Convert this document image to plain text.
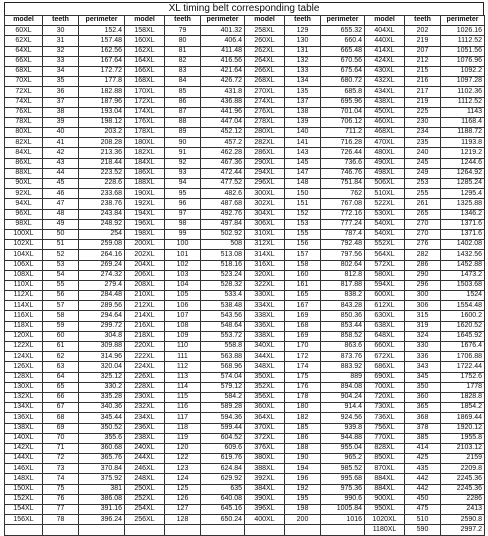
XL timing belt corresponding table
model	teeth	perimeter	model	teeth	perimeter	model	teeth	perimeter	model	teeth	perimeter
60XL	30	152.4	158XL	79	401.32	258XL	129	655.32	404XL	202	1026.16
62XL	31	157.48	160XL	80	406.4	260XL	130	660.4	440XL	219	1112.52
64XL	32	162.56	162XL	81	411.48	262XL	131	665.48	414XL	207	1051.56
66XL	33	167.64	164XL	82	416.56	264XL	132	670.56	424XL	212	1076.96
68XL	34	172.72	166XL	83	421.64	266XL	133	675.64	430XL	215	1092.2
70XL	35	177.8	168XL	84	426.72	268XL	134	680.72	432XL	216	1097.28
72XL	36	182.88	170XL	85	431.8	270XL	135	685.8	434XL	217	1102.36
74XL	37	187.96	172XL	86	436.88	274XL	137	695.96	438XL	219	1112.52
76XL	38	193.04	174XL	87	441.96	276XL	138	701.04	450XL	225	1143
78XL	39	198.12	176XL	88	447.04	278XL	139	706.12	460XL	230	1168.4
80XL	40	203.2	178XL	89	452.12	280XL	140	711.2	468XL	234	1188.72
82XL	41	208.28	180XL	90	457.2	282XL	141	716.28	470XL	235	1193.8
84XL	42	213.36	182XL	91	462.28	286XL	143	726.44	480XL	240	1219.2
86XL	43	218.44	184XL	92	467.36	290XL	145	736.6	490XL	245	1244.6
88XL	44	223.52	186XL	93	472.44	294XL	147	746.76	498XL	249	1264.92
90XL	45	228.6	188XL	94	477.52	296XL	148	751.84	506XL	253	1285.24
92XL	46	233.68	190XL	95	482.6	300XL	150	762	510XL	255	1295.4
94XL	47	238.76	192XL	96	487.68	302XL	151	767.08	522XL	261	1325.88
96XL	48	243.84	194XL	97	492.76	304XL	152	772.16	530XL	265	1346.2
98XL	49	248.92	196XL	98	497.84	306XL	153	777.24	540XL	270	1371.6
100XL	50	254	198XL	99	502.92	310XL	155	787.4	540XL	270	1371.6
102XL	51	259.08	200XL	100	508	312XL	156	792.48	552XL	276	1402.08
104XL	52	264.16	202XL	101	513.08	314XL	157	797.56	564XL	282	1432.56
106XL	53	269.24	204XL	102	518.16	316XL	158	802.64	572XL	286	1452.88
108XL	54	274.32	206XL	103	523.24	320XL	160	812.8	580XL	290	1473.2
110XL	55	279.4	208XL	104	528.32	322XL	161	817.88	594XL	296	1503.68
112XL	56	284.48	210XL	105	533.4	330XL	165	838.2	600XL	300	1524
114XL	57	289.56	212XL	106	538.48	334XL	167	843.28	612XL	306	1554.48
116XL	58	294.64	214XL	107	543.56	338XL	169	850.36	630XL	315	1600.2
118XL	59	299.72	216XL	108	548.64	336XL	168	853.44	638XL	319	1620.52
120XL	60	304.8	218XL	109	553.72	338XL	169	858.52	648XL	324	1645.92
122XL	61	309.88	220XL	110	558.8	340XL	170	863.6	660XL	330	1676.4
124XL	62	314.96	222XL	111	563.88	344XL	172	873.76	672XL	336	1706.88
126XL	63	320.04	224XL	112	568.96	348XL	174	883.92	686XL	343	1722.44
128XL	64	325.12	226XL	113	574.04	350XL	175	889	690XL	345	1752.6
130XL	65	330.2	228XL	114	579.12	352XL	176	894.08	700XL	350	1778
132XL	66	335.28	230XL	115	584.2	356XL	178	904.24	720XL	360	1828.8
134XL	67	340.36	232XL	116	589.28	360XL	180	914.4	730XL	365	1854.2
136XL	68	345.44	234XL	117	594.36	364XL	182	924.56	736XL	368	1869.44
138XL	69	350.52	236XL	118	599.44	370XL	185	939.8	756XL	378	1920.12
140XL	70	355.6	238XL	119	604.52	372XL	186	944.88	770XL	385	1955.8
142XL	71	360.68	240XL	120	609.6	376XL	188	955.04	828XL	414	2103.12
144XL	72	365.76	244XL	122	619.76	380XL	190	965.2	850XL	425	2159
146XL	73	370.84	246XL	123	624.84	388XL	194	985.52	870XL	435	2209.8
148XL	74	375.92	248XL	124	629.92	392XL	196	995.68	884XL	442	2245.36
150XL	75	381	250XL	125	635	384XL	192	975.36	884XL	442	2245.36
152XL	76	386.08	252XL	126	640.08	390XL	195	990.6	900XL	450	2286
154XL	77	391.16	254XL	127	645.16	396XL	198	1005.84	950XL	475	2413
156XL	78	396.24	256XL	128	650.24	400XL	200	1016	1020XL	510	2590.8
									1180XL	590	2997.2
